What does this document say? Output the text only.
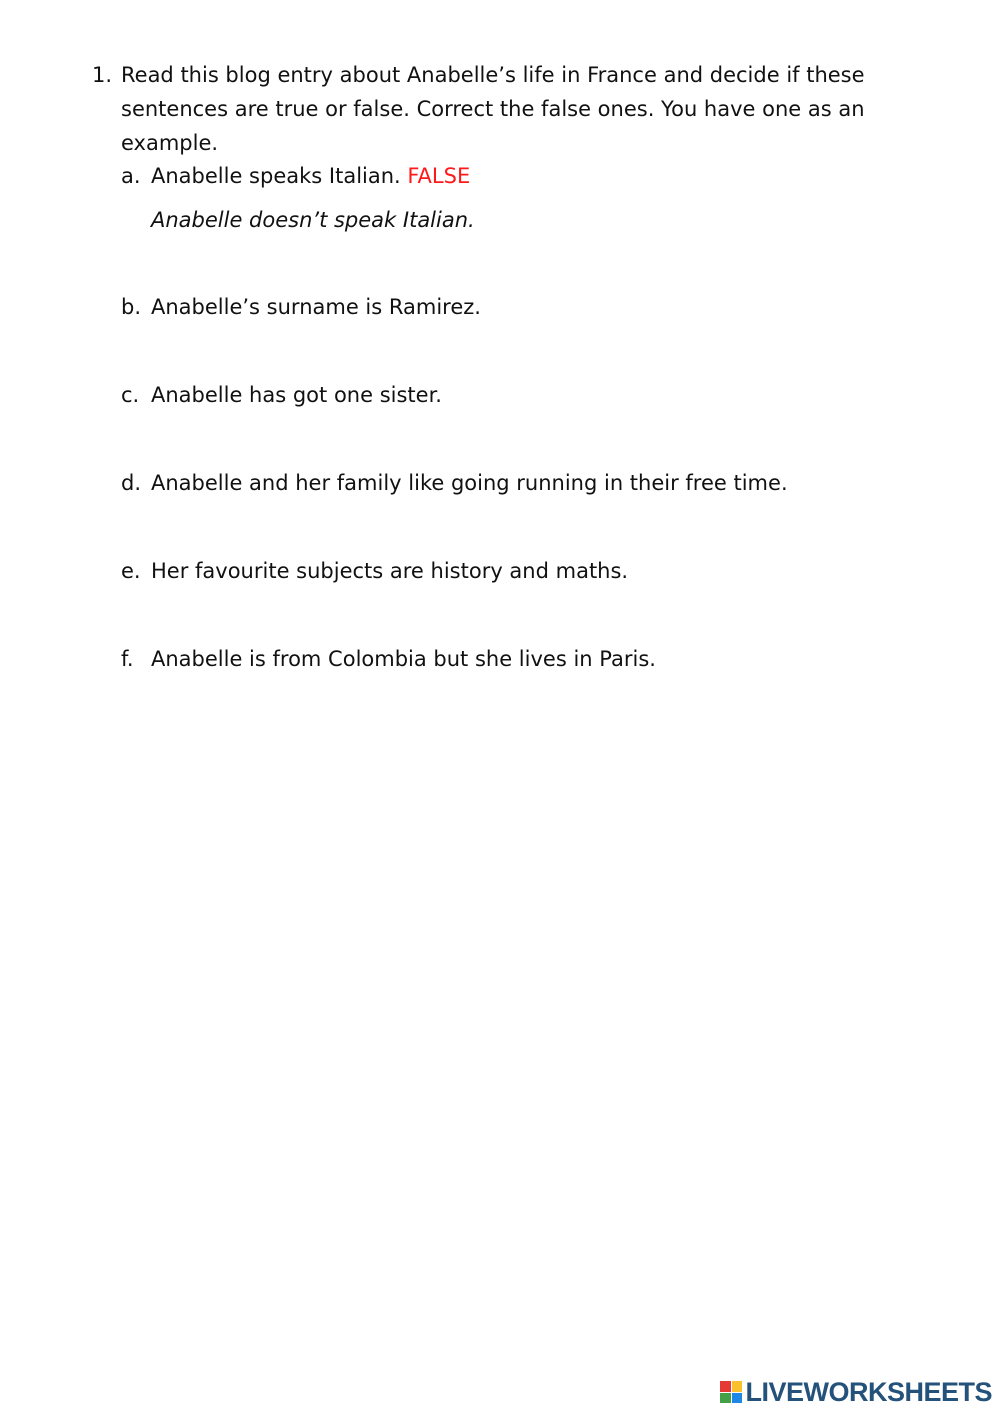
1. Read this blog entry about Anabelle’s life in France and decide if these sentences are true or false. Correct the false ones. You have one as an example.
a. Anabelle speaks Italian. FALSE
b. Anabelle’s surname is Ramirez.
c. Anabelle has got one sister.
d. Anabelle and her family like going running in their free time.
e. Her favourite subjects are history and maths.
f. Anabelle is from Colombia but she lives in Paris.
Anabelle doesn’t speak Italian.
LIVEWORKSHEETS
